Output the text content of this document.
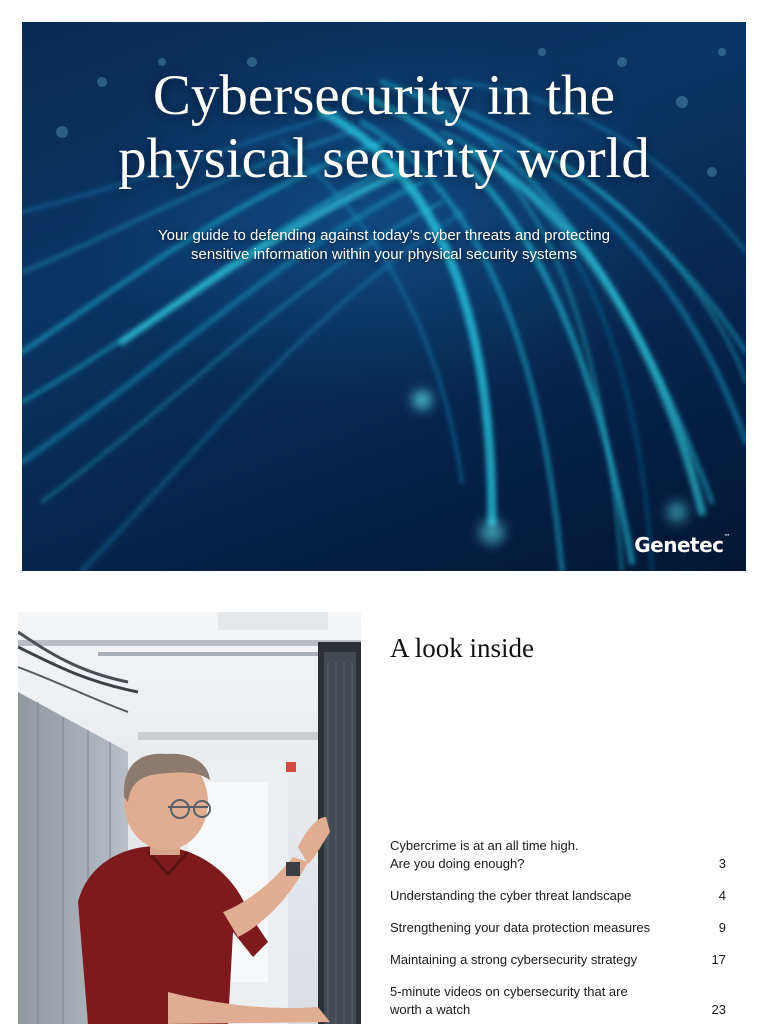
Cybersecurity in the
physical security world

Your guide to defending against today’s cyber threats and protecting
sensitive information within your physical security systems

Genetec™
A look inside
Cybercrime is at an all time high.
Are you doing enough?	3
Understanding the cyber threat landscape	4
Strengthening your data protection measures	9
Maintaining a strong cybersecurity strategy	17
5-minute videos on cybersecurity that are
worth a watch	23
